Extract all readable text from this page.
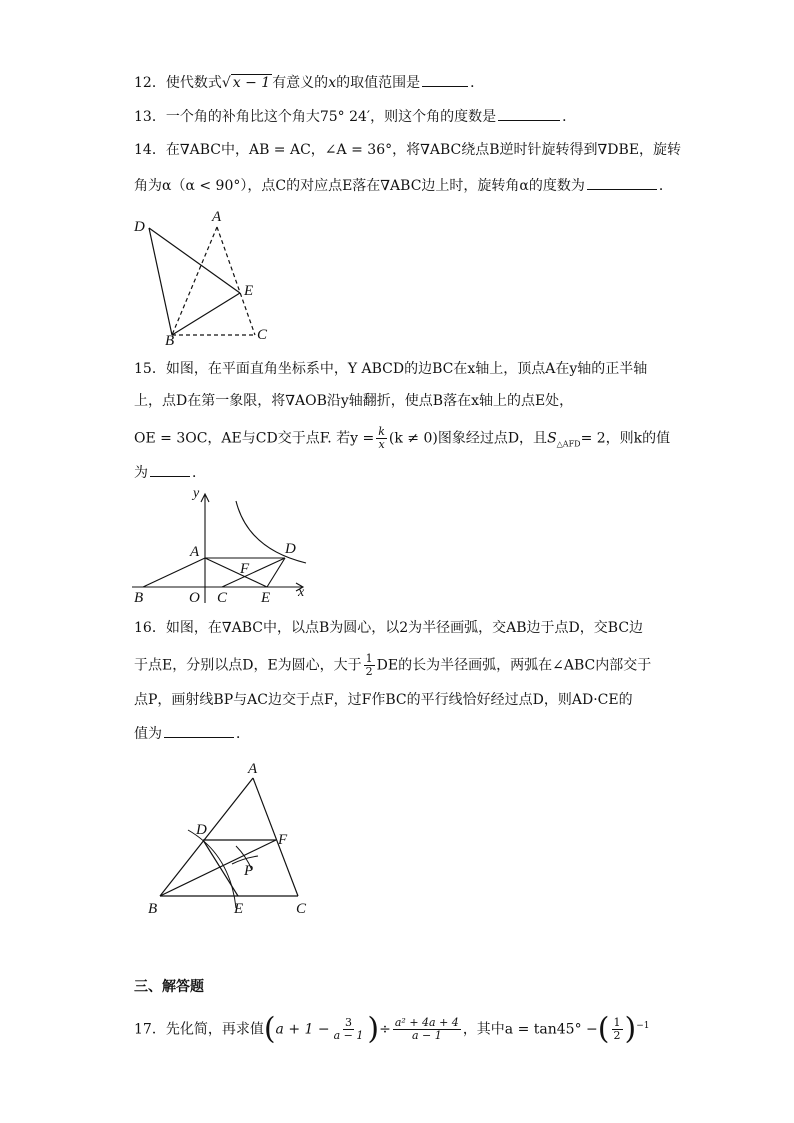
12．使代数式√ x − 1 有意义的x的取值范围是	．
13．一个角的补角比这个角大75° 24′，则这个角的度数是	．
14．在∇ABC中，AB = AC，∠A = 36°，将∇ABC绕点B逆时针旋转得到∇DBE，旋转
角为α（α < 90°），点C的对应点E落在∇ABC边上时，旋转角α的度数为	．
D
A
E
B	C
15．如图，在平面直角坐标系中，Y ABCD的边BC在x轴上，顶点A在y轴的正半轴
上，点D在第一象限，将∇AOB沿y轴翻折，使点B落在x轴上的点E处，
OE = 3OC，AE与CD交于点F. 若$y = \frac{k}{x} (k \ne 0)$图象经过点D，且$S_{\triangle AFD}= 2$，则k的值
为	．
y
x
A	D
F
B	O C E
16．如图，在∇ABC中，以点B为圆心，以2为半径画弧，交AB边于点D，交BC边
于点E，分别以点D，E为圆心，大于 $\frac{1}{2}$ DE的长为半径画弧，两弧在∠ABC内部交于
点P，画射线BP与AC边交于点F，过F作BC的平行线恰好经过点D，则AD·CE的
值为	．
A
D
F
P
B	E	C
三、解答题
17．先化简，再求值($a + 1 - \frac{3}{a - 1}$ )÷ $\frac{\text{a² + 4a + 4}}{a - 1}$ ，其中a = tan45° −( $\frac{1}{2} )^{-1}$
